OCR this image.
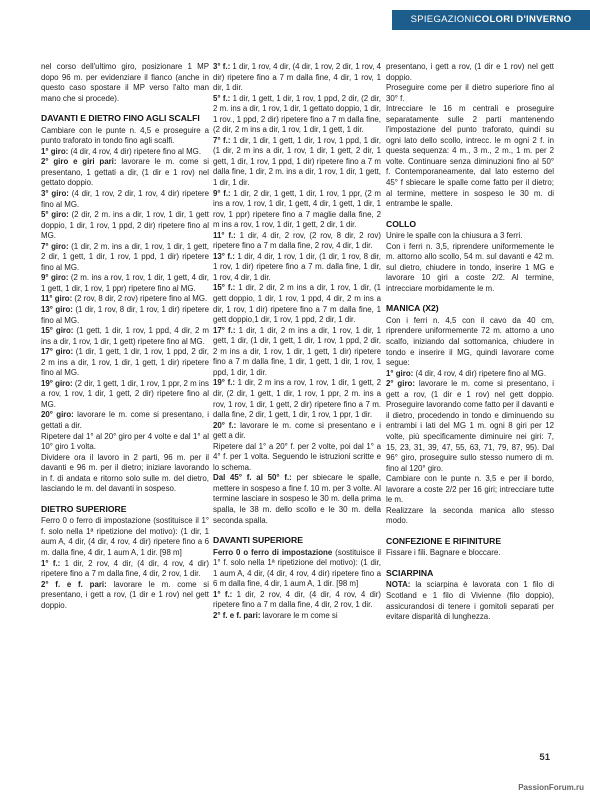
SPIEGAZIONICOLORI D'INVERNO

nel corso dell'ultimo giro, posizionare 1 MP dopo 96 m. per evidenziare il fianco (anche in questo caso spostare il MP verso l'alto man mano che si procede).

DAVANTI E DIETRO FINO AGLI SCALFI

Cambiare con le punte n. 4,5 e proseguire a punto traforato in tondo fino agli scalfi.

1° giro: (4 dir, 4 rov, 4 dir) ripetere fino al MG.

2° giro e giri pari: lavorare le m. come si presentano, 1 gettati a dir, (1 dir e 1 rov) nel gettato doppio.

3° giro: (4 dir, 1 rov, 2 dir, 1 rov, 4 dir) ripetere fino al MG.

5° giro: (2 dir, 2 m. ins a dir, 1 rov, 1 dir, 1 gett doppio, 1 dir, 1 rov, 1 ppd, 2 dir) ripetere fino al MG.

7° giro: (1 dir, 2 m. ins a dir, 1 rov, 1 dir, 1 gett, 2 dir, 1 gett, 1 dir, 1 rov, 1 ppd, 1 dir) ripetere fino al MG.

9° giro: (2 m. ins a rov, 1 rov, 1 dir, 1 gett, 4 dir, 1 gett, 1 dir, 1 rov, 1 ppr) ripetere fino al MG.

11° giro: (2 rov, 8 dir, 2 rov) ripetere fino al MG.

13° giro: (1 dir, 1 rov, 8 dir, 1 rov, 1 dir) ripetere fino al MG.

15° giro: (1 gett, 1 dir, 1 rov, 1 ppd, 4 dir, 2 m ins a dir, 1 rov, 1 dir, 1 gett) ripetere fino al MG.

17° giro: (1 dir, 1 gett, 1 dir, 1 rov, 1 ppd, 2 dir, 2 m ins a dir, 1 rov, 1 dir, 1 gett, 1 dir) ripetere fino al MG.

19° giro: (2 dir, 1 gett, 1 dir, 1 rov, 1 ppr, 2 m ins a rov, 1 rov, 1 dir, 1 gett, 2 dir) ripetere fino al MG.

20° giro: lavorare le m. come si presentano, i gettati a dir.

Ripetere dal 1° al 20° giro per 4 volte e dal 1° al 10° giro 1 volta.

Dividere ora il lavoro in 2 parti, 96 m. per il davanti e 96 m. per il dietro; iniziare lavorando in f. di andata e ritorno solo sulle m. del dietro, lasciando le m. del davanti in sospeso.

DIETRO SUPERIORE

Ferro 0 o ferro di impostazione (sostituisce il 1° f. solo nella 1ª ripetizione del motivo): (1 dir, 1 aum A, 4 dir, (4 dir, 4 rov, 4 dir) ripetere fino a 6 m. dalla fine, 4 dir, 1 aum A, 1 dir. [98 m]

1° f.: 1 dir, 2 rov, 4 dir, (4 dir, 4 rov, 4 dir) ripetere fino a 7 m dalla fine, 4 dir, 2 rov, 1 dir.

2° f. e f. pari: lavorare le m. come si presentano, i gett a rov, (1 dir e 1 rov) nel gett doppio.

3° f.: 1 dir, 1 rov, 4 dir, (4 dir, 1 rov, 2 dir, 1 rov, 4 dir) ripetere fino a 7 m dalla fine, 4 dir, 1 rov, 1 dir, 1 dir.

5° f.: 1 dir, 1 gett, 1 dir, 1 rov, 1 ppd, 2 dir, (2 dir, 2 m. ins a dir, 1 rov, 1 dir, 1 gettato doppio, 1 dir, 1 rov., 1 ppd, 2 dir) ripetere fino a 7 m dalla fine, (2 dir, 2 m ins a dir, 1 rov, 1 dir, 1 gett, 1 dir.

7° f.: 1 dir, 1 dir, 1 gett, 1 dir, 1 rov, 1 ppd, 1 dir, (1 dir, 2 m ins a dir, 1 rov, 1 dir, 1 gett, 2 dir, 1 gett, 1 dir, 1 rov, 1 ppd, 1 dir) ripetere fino a 7 m dalla fine, 1 dir, 2 m. ins a dir, 1 rov, 1 dir, 1 gett, 1 dir, 1 dir.

9° f.: 1 dir, 2 dir, 1 gett, 1 dir, 1 rov, 1 ppr, (2 m ins a rov, 1 rov, 1 dir, 1 gett, 4 dir, 1 gett, 1 dir, 1 rov, 1 ppr) ripetere fino a 7 maglie dalla fine, 2 m ins a rov, 1 rov, 1 dir, 1 gett, 2 dir, 1 dir.

11° f.: 1 dir, 4 dir, 2 rov, (2 rov, 8 dir, 2 rov) ripetere fino a 7 m dalla fine, 2 rov, 4 dir, 1 dir.

13° f.: 1 dir, 4 dir, 1 rov, 1 dir, (1 dir, 1 rov, 8 dir, 1 rov, 1 dir) ripetere fino a 7 m. dalla fine, 1 dir, 1 rov, 4 dir, 1 dir.

15° f.: 1 dir, 2 dir, 2 m ins a dir, 1 rov, 1 dir, (1 gett doppio, 1 dir, 1 rov, 1 ppd, 4 dir, 2 m ins a dir, 1 rov, 1 dir) ripetere fino a 7 m dalla fine, 1 gett doppio,1 dir, 1 rov, 1 ppd, 2 dir, 1 dir.

17° f.: 1 dir, 1 dir, 2 m ins a dir, 1 rov, 1 dir, 1 gett, 1 dir, (1 dir, 1 gett, 1 dir, 1 rov, 1 ppd, 2 dir, 2 m ins a dir, 1 rov, 1 dir, 1 gett, 1 dir) ripetere fino a 7 m dalla fine, 1 dir, 1 gett, 1 dir, 1 rov, 1 ppd, 1 dir, 1 dir.

19° f.: 1 dir, 2 m ins a rov, 1 rov, 1 dir, 1 gett, 2 dir, (2 dir, 1 gett, 1 dir, 1 rov, 1 ppr, 2 m. ins a rov, 1 rov, 1 dir, 1 gett, 2 dir) ripetere fino a 7 m. dalla fine, 2 dir, 1 gett, 1 dir, 1 rov, 1 ppr, 1 dir.

20° f.: lavorare le m. come si presentano e i gett a dir.

Ripetere dal 1° a 20° f. per 2 volte, poi dal 1° a 4° f. per 1 volta. Seguendo le istruzioni scritte e lo schema.

Dal 45° f. al 50° f.: per sbiecare le spalle, mettere in sospeso a fine f. 10 m. per 3 volte. Al termine lasciare in sospeso le 30 m. della prima spalla, le 38 m. dello scollo e le 30 m. della seconda spalla.

DAVANTI SUPERIORE

Ferro 0 o ferro di impostazione (sostituisce il 1° f. solo nella 1ª ripetizione del motivo): (1 dir, 1 aum A, 4 dir, (4 dir, 4 rov, 4 dir) ripetere fino a 6 m dalla fine, 4 dir, 1 aum A, 1 dir. [98 m]

1° f.: 1 dir, 2 rov, 4 dir, (4 dir, 4 rov, 4 dir) ripetere fino a 7 m dalla fine, 4 dir, 2 rov, 1 dir.

2° f. e f. pari: lavorare le m come si

presentano, i gett a rov, (1 dir e 1 rov) nel gett doppio.

Proseguire come per il dietro superiore fino al 30° f.

Intrecciare le 16 m centrali e proseguire separatamente sulle 2 parti mantenendo l'impostazione del punto traforato, quindi su ogni lato dello scollo, intrecc. le m ogni 2 f. in questa sequenza: 4 m., 3 m., 2 m., 1 m. per 2 volte. Continuare senza diminuzioni fino al 50° f. Contemporaneamente, dal lato esterno del 45° f sbiecare le spalle come fatto per il dietro; al termine, mettere in sospeso le 30 m. di entrambe le spalle.

COLLO

Unire le spalle con la chiusura a 3 ferri.

Con i ferri n. 3,5, riprendere uniformemente le m. attorno allo scollo, 54 m. sul davanti e 42 m. sul dietro, chiudere in tondo, inserire 1 MG e lavorare 10 giri a coste 2/2. Al termine, intrecciare morbidamente le m.

MANICA (X2)

Con i ferri n. 4,5 con il cavo da 40 cm, riprendere uniformemente 72 m. attorno a uno scalfo, iniziando dal sottomanica, chiudere in tondo e inserire il MG, quindi lavorare come segue:

1° giro: (4 dir, 4 rov, 4 dir) ripetere fino al MG.

2° giro: lavorare le m. come si presentano, i gett a rov, (1 dir e 1 rov) nel gett doppio. Proseguire lavorando come fatto per il davanti e il dietro, procedendo in tondo e diminuendo su entrambi i lati del MG 1 m. ogni 8 giri per 12 volte, più specificamente diminuire nei giri: 7, 15, 23, 31, 39, 47, 55, 63, 71, 79, 87, 95). Dal 96° giro, proseguire sullo stesso numero di m. fino al 120° giro.

Cambiare con le punte n. 3,5 e per il bordo, lavorare a coste 2/2 per 16 giri; intrecciare tutte le m.

Realizzare la seconda manica allo stesso modo.

CONFEZIONE E RIFINITURE

Fissare i fili. Bagnare e bloccare.

SCIARPINA

NOTA: la sciarpina è lavorata con 1 filo di Scotland e 1 filo di Vivienne (filo doppio), assicurandosi di tenere i gomitoli separati per evitare disparità di lunghezza.

51
PassionForum.ru
